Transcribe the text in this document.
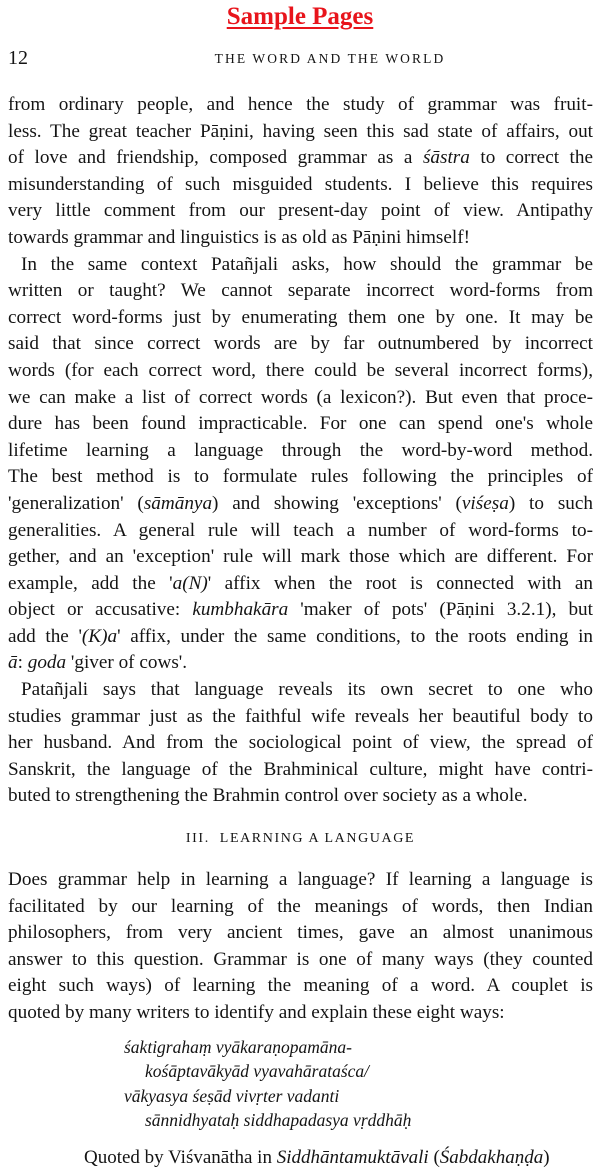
Sample Pages
12	THE WORD AND THE WORLD
from ordinary people, and hence the study of grammar was fruit-
less. The great teacher Pāṇini, having seen this sad state of affairs, out
of love and friendship, composed grammar as a śāstra to correct the
misunderstanding of such misguided students. I believe this requires
very little comment from our present-day point of view. Antipathy
towards grammar and linguistics is as old as Pāṇini himself!
In the same context Patañjali asks, how should the grammar be
written or taught? We cannot separate incorrect word-forms from
correct word-forms just by enumerating them one by one. It may be
said that since correct words are by far outnumbered by incorrect
words (for each correct word, there could be several incorrect forms),
we can make a list of correct words (a lexicon?). But even that proce-
dure has been found impracticable. For one can spend one's whole
lifetime learning a language through the word-by-word method.
The best method is to formulate rules following the principles of
'generalization' (sāmānya) and showing 'exceptions' (viśeṣa) to such
generalities. A general rule will teach a number of word-forms to-
gether, and an 'exception' rule will mark those which are different. For
example, add the 'a(N)' affix when the root is connected with an
object or accusative: kumbhakāra 'maker of pots' (Pāṇini 3.2.1), but
add the '(K)a' affix, under the same conditions, to the roots ending in
ā: goda 'giver of cows'.
Patañjali says that language reveals its own secret to one who
studies grammar just as the faithful wife reveals her beautiful body to
her husband. And from the sociological point of view, the spread of
Sanskrit, the language of the Brahminical culture, might have contri-
buted to strengthening the Brahmin control over society as a whole.
III. LEARNING A LANGUAGE
Does grammar help in learning a language? If learning a language is
facilitated by our learning of the meanings of words, then Indian
philosophers, from very ancient times, gave an almost unanimous
answer to this question. Grammar is one of many ways (they counted
eight such ways) of learning the meaning of a word. A couplet is
quoted by many writers to identify and explain these eight ways:
śaktigrahaṃ vyākaraṇopamāna-
kośāptavākyād vyavahārataśca/
vākyasya śeṣād vivṛter vadanti
sānnidhyataḥ siddhapadasya vṛddhāḥ
Quoted by Viśvanātha in Siddhāntamuktāvali (Śabdakhaṇḍa)
